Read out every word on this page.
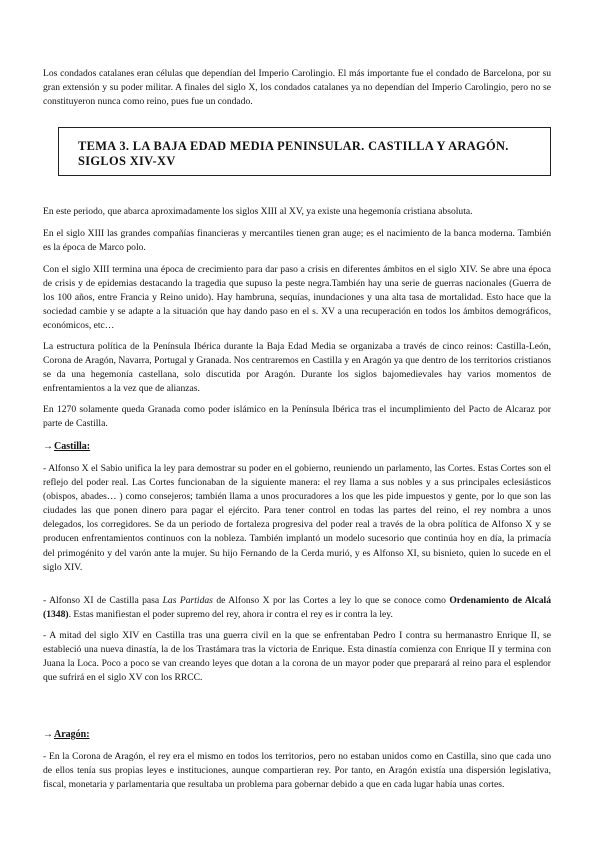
Los condados catalanes eran células que dependían del Imperio Carolingio. El más importante fue el condado de Barcelona, por su gran extensión y su poder militar. A finales del siglo X, los condados catalanes ya no dependían del Imperio Carolingio, pero no se constituyeron nunca como reino, pues fue un condado.

TEMA 3. LA BAJA EDAD MEDIA PENINSULAR. CASTILLA Y ARAGÓN. SIGLOS XIV-XV

En este periodo, que abarca aproximadamente los siglos XIII al XV, ya existe una hegemonía cristiana absoluta.

En el siglo XIII las grandes compañías financieras y mercantiles tienen gran auge; es el nacimiento de la banca moderna. También es la época de Marco polo.

Con el siglo XIII termina una época de crecimiento para dar paso a crisis en diferentes ámbitos en el siglo XIV. Se abre una época de crisis y de epidemias destacando la tragedia que supuso la peste negra.También hay una serie de guerras nacionales (Guerra de los 100 años, entre Francia y Reino unido). Hay hambruna, sequías, inundaciones y una alta tasa de mortalidad. Esto hace que la sociedad cambie y se adapte a la situación que hay dando paso en el s. XV a una recuperación en todos los ámbitos demográficos, económicos, etc…

La estructura política de la Península Ibérica durante la Baja Edad Media se organizaba a través de cinco reinos: Castilla-León, Corona de Aragón, Navarra, Portugal y Granada. Nos centraremos en Castilla y en Aragón ya que dentro de los territorios cristianos se da una hegemonía castellana, solo discutida por Aragón. Durante los siglos bajomedievales hay varios momentos de enfrentamientos a la vez que de alianzas.

En 1270 solamente queda Granada como poder islámico en la Península Ibérica tras el incumplimiento del Pacto de Alcaraz por parte de Castilla.

→Castilla:

- Alfonso X el Sabio unifica la ley para demostrar su poder en el gobierno, reuniendo un parlamento, las Cortes. Estas Cortes son el reflejo del poder real. Las Cortes funcionaban de la siguiente manera: el rey llama a sus nobles y a sus principales eclesiásticos (obispos, abades… ) como consejeros; también llama a unos procuradores a los que les pide impuestos y gente, por lo que son las ciudades las que ponen dinero para pagar el ejército. Para tener control en todas las partes del reino, el rey nombra a unos delegados, los corregidores. Se da un periodo de fortaleza progresiva del poder real a través de la obra política de Alfonso X y se producen enfrentamientos continuos con la nobleza. También implantó un modelo sucesorio que continúa hoy en día, la primacía del primogénito y del varón ante la mujer. Su hijo Fernando de la Cerda murió, y es Alfonso XI, su bisnieto, quien lo sucede en el siglo XIV.

- Alfonso XI de Castilla pasa Las Partidas de Alfonso X por las Cortes a ley lo que se conoce como Ordenamiento de Alcalá (1348). Estas manifiestan el poder supremo del rey, ahora ir contra el rey es ir contra la ley.

- A mitad del siglo XIV en Castilla tras una guerra civil en la que se enfrentaban Pedro I contra su hermanastro Enrique II, se estableció una nueva dinastía, la de los Trastámara tras la victoria de Enrique. Esta dinastía comienza con Enrique II y termina con Juana la Loca. Poco a poco se van creando leyes que dotan a la corona de un mayor poder que preparará al reino para el esplendor que sufrirá en el siglo XV con los RRCC.

→Aragón:

- En la Corona de Aragón, el rey era el mismo en todos los territorios, pero no estaban unidos como en Castilla, sino que cada uno de ellos tenía sus propias leyes e instituciones, aunque compartieran rey. Por tanto, en Aragón existía una dispersión legislativa, fiscal, monetaria y parlamentaria que resultaba un problema para gobernar debido a que en cada lugar había unas cortes.
